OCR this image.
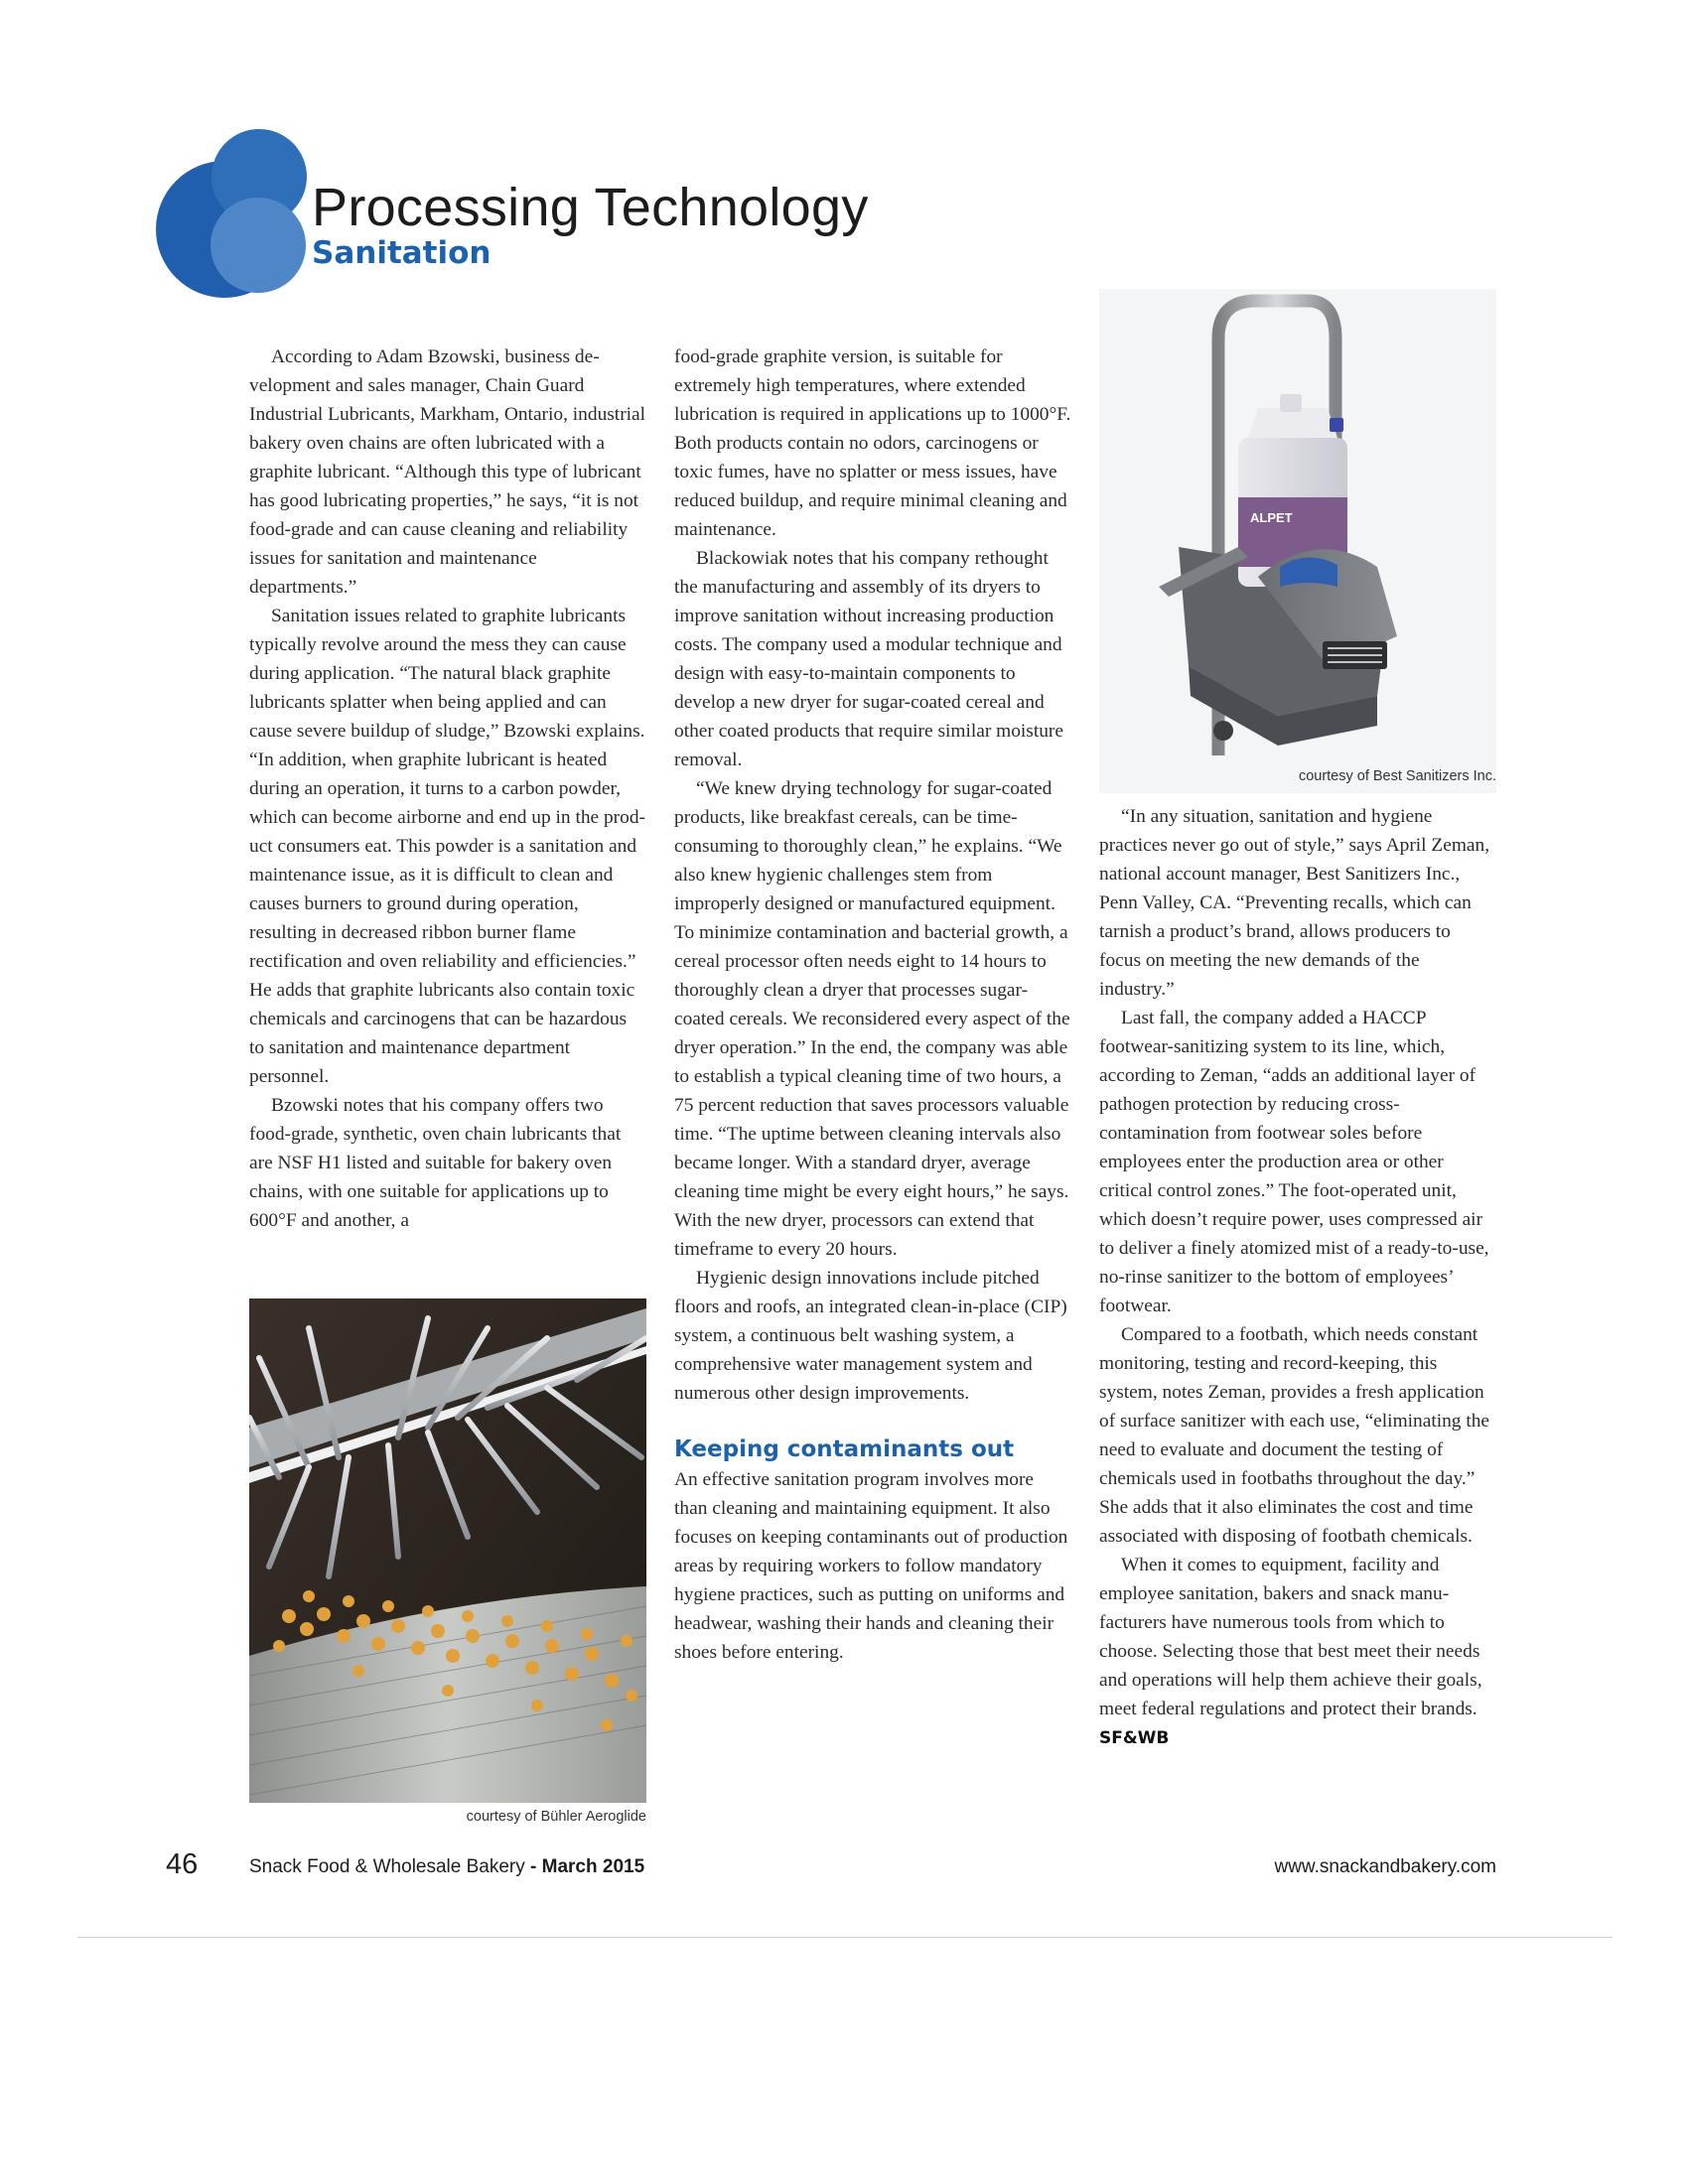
Processing Technology
Sanitation

According to Adam Bzowski, business development and sales manager, Chain Guard Industrial Lubricants, Markham, Ontario, industrial bakery oven chains are often lubricated with a graphite lubricant. “Although this type of lubricant has good lubricating properties,” he says, “it is not food-grade and can cause cleaning and reliability issues for sanitation and maintenance departments.”

Sanitation issues related to graphite lubricants typically revolve around the mess they can cause during application. “The natural black graphite lubricants splatter when being applied and can cause severe buildup of sludge,” Bzowski explains. “In addition, when graphite lubricant is heated during an operation, it turns to a carbon powder, which can become airborne and end up in the product consumers eat. This powder is a sanitation and maintenance issue, as it is difficult to clean and causes burners to ground during operation, resulting in decreased ribbon burner flame rectification and oven reliability and efficiencies.” He adds that graphite lubricants also contain toxic chemicals and carcinogens that can be hazardous to sanitation and maintenance department personnel.

Bzowski notes that his company offers two food-grade, synthetic, oven chain lubricants that are NSF H1 listed and suitable for bakery oven chains, with one suitable for applications up to 600°F and another, a

food-grade graphite version, is suitable for extremely high temperatures, where extended lubrication is required in applications up to 1000°F. Both products contain no odors, carcinogens or toxic fumes, have no splatter or mess issues, have reduced buildup, and require minimal cleaning and maintenance.

Blackowiak notes that his company rethought the manufacturing and assembly of its dryers to improve sanitation without increasing production costs. The company used a modular technique and design with easy-to-maintain components to develop a new dryer for sugar-coated cereal and other coated products that require similar moisture removal.

“We knew drying technology for sugar-coated products, like breakfast cereals, can be time-consuming to thoroughly clean,” he explains. “We also knew hygienic challenges stem from improperly designed or manufactured equipment. To minimize contamination and bacterial growth, a cereal processor often needs eight to 14 hours to thoroughly clean a dryer that processes sugar-coated cereals. We reconsidered every aspect of the dryer operation.” In the end, the company was able to establish a typical cleaning time of two hours, a 75 percent reduction that saves processors valuable time. “The uptime between cleaning intervals also became longer. With a standard dryer, average cleaning time might be every eight hours,” he says. With the new dryer, processors can extend that timeframe to every 20 hours.

Hygienic design innovations include pitched floors and roofs, an integrated clean-in-place (CIP) system, a continuous belt washing system, a comprehensive water management system and numerous other design improvements.

Keeping contaminants out

An effective sanitation program involves more than cleaning and maintaining equipment. It also focuses on keeping contaminants out of production areas by requiring workers to follow mandatory hygiene practices, such as putting on uniforms and headwear, washing their hands and cleaning their shoes before entering.

“In any situation, sanitation and hygiene practices never go out of style,” says April Zeman, national account manager, Best Sanitizers Inc., Penn Valley, CA. “Preventing recalls, which can tarnish a product’s brand, allows producers to focus on meeting the new demands of the industry.”

Last fall, the company added a HACCP footwear-sanitizing system to its line, which, according to Zeman, “adds an additional layer of pathogen protection by reducing cross-contamination from footwear soles before employees enter the production area or other critical control zones.” The foot-operated unit, which doesn’t require power, uses compressed air to deliver a finely atomized mist of a ready-to-use, no-rinse sanitizer to the bottom of employees’ footwear.

Compared to a footbath, which needs constant monitoring, testing and record-keeping, this system, notes Zeman, provides a fresh application of surface sanitizer with each use, “eliminating the need to evaluate and document the testing of chemicals used in footbaths throughout the day.” She adds that it also eliminates the cost and time associated with disposing of footbath chemicals.

When it comes to equipment, facility and employee sanitation, bakers and snack manufacturers have numerous tools from which to choose. Selecting those that best meet their needs and operations will help them achieve their goals, meet federal regulations and protect their brands. SF&WB

courtesy of Bühler Aeroglide
ALPET
courtesy of Best Sanitizers Inc.
46	Snack Food & Wholesale Bakery - March 2015	www.snackandbakery.com
